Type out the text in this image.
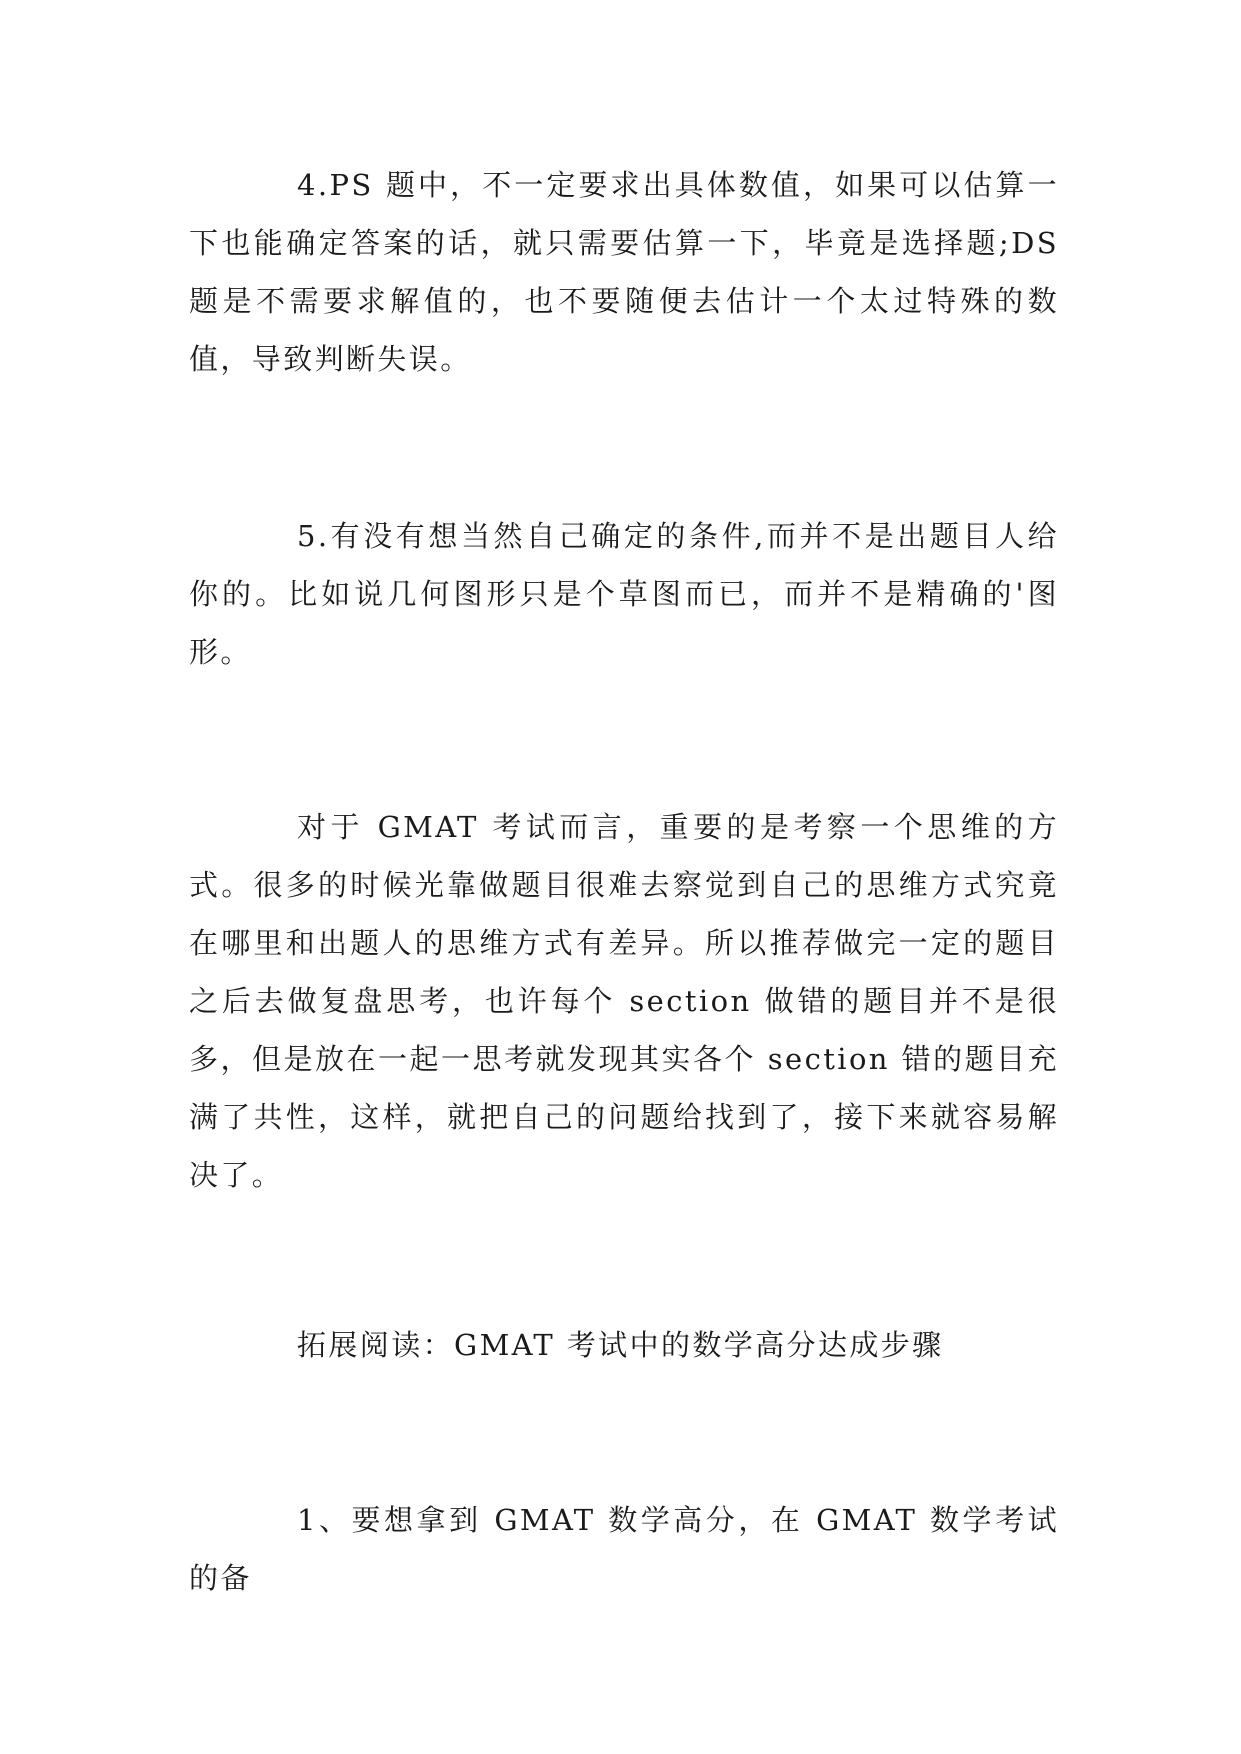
4.PS 题中，不一定要求出具体数值，如果可以估算一下也能确定答案的话，就只需要估算一下，毕竟是选择题;DS 题是不需要求解值的，也不要随便去估计一个太过特殊的数值，导致判断失误。

5.有没有想当然自己确定的条件,而并不是出题目人给你的。比如说几何图形只是个草图而已，而并不是精确的'图形。

对于 GMAT 考试而言，重要的是考察一个思维的方式。很多的时候光靠做题目很难去察觉到自己的思维方式究竟在哪里和出题人的思维方式有差异。所以推荐做完一定的题目之后去做复盘思考，也许每个 section 做错的题目并不是很多，但是放在一起一思考就发现其实各个 section 错的题目充满了共性，这样，就把自己的问题给找到了，接下来就容易解决了。

拓展阅读：GMAT 考试中的数学高分达成步骤

1、要想拿到 GMAT 数学高分，在 GMAT 数学考试的备
